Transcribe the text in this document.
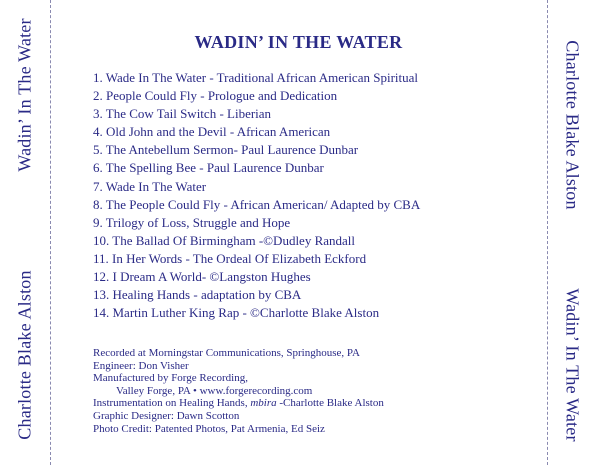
Wadin’ In The Water
Charlotte Blake Alston
Charlotte Blake Alston
Wadin’ In The Water
WADIN’ IN THE WATER
1. Wade In The Water - Traditional African American Spiritual
2. People Could Fly - Prologue and Dedication
3. The Cow Tail Switch - Liberian
4. Old John and the Devil - African American
5. The Antebellum Sermon- Paul Laurence Dunbar
6. The Spelling Bee - Paul Laurence Dunbar
7. Wade In The Water
8. The People Could Fly - African American/ Adapted by CBA
9. Trilogy of Loss, Struggle and Hope
10. The Ballad Of Birmingham -©Dudley Randall
11. In Her Words - The Ordeal Of Elizabeth Eckford
12. I Dream A World- ©Langston Hughes
13. Healing Hands - adaptation by CBA
14. Martin Luther King Rap - ©Charlotte Blake Alston
Recorded at Morningstar Communications, Springhouse, PA
Engineer: Don Visher
Manufactured by Forge Recording,
Valley Forge, PA • www.forgerecording.com
Instrumentation on Healing Hands, mbira -Charlotte Blake Alston
Graphic Designer: Dawn Scotton
Photo Credit: Patented Photos, Pat Armenia, Ed Seiz
